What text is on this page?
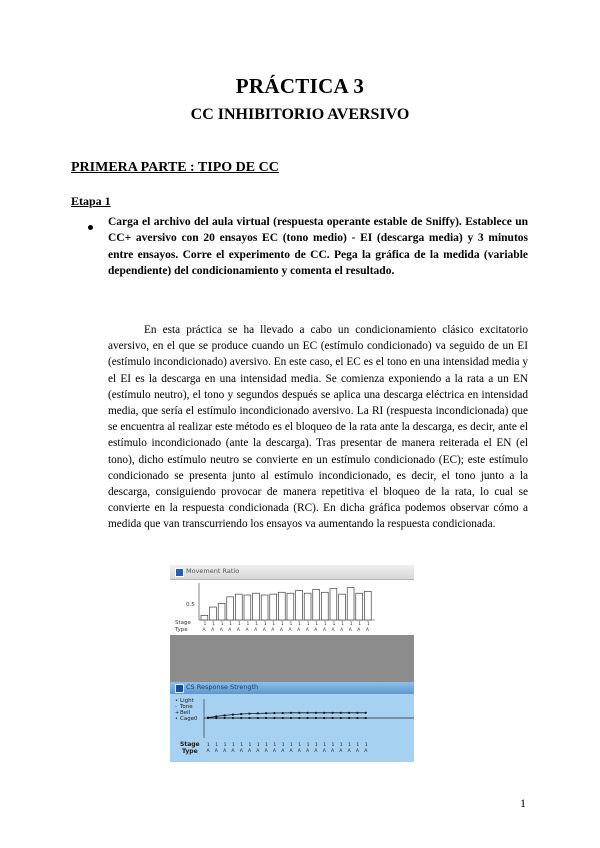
PRÁCTICA 3
CC INHIBITORIO AVERSIVO
PRIMERA PARTE : TIPO DE CC
Etapa 1
Carga el archivo del aula virtual (respuesta operante estable de Sniffy). Establece un CC+ aversivo con 20 ensayos EC (tono medio) - EI (descarga media) y 3 minutos entre ensayos. Corre el experimento de CC. Pega la gráfica de la medida (variable dependiente) del condicionamiento y comenta el resultado.
En esta práctica se ha llevado a cabo un condicionamiento clásico excitatorio aversivo, en el que se produce cuando un EC (estímulo condicionado) va seguido de un EI (estímulo incondicionado) aversivo. En este caso, el EC es el tono en una intensidad media y el EI es la descarga en una intensidad media. Se comienza exponiendo a la rata a un EN (estímulo neutro), el tono y segundos después se aplica una descarga eléctrica en intensidad media, que sería el estímulo incondicionado aversivo. La RI (respuesta incondicionada) que se encuentra al realizar este método es el bloqueo de la rata ante la descarga, es decir, ante el estímulo incondicionado (ante la descarga). Tras presentar de manera reiterada el EN (el tono), dicho estímulo neutro se convierte en un estímulo condicionado (EC); este estímulo condicionado se presenta junto al estímulo incondicionado, es decir, el tono junto a la descarga, consiguiendo provocar de manera repetitiva el bloqueo de la rata, lo cual se convierte en la respuesta condicionada (RC). En dicha gráfica podemos observar cómo a medida que van transcurriendo los ensayos va aumentando la respuesta condicionada.
Movement Ratio
0.5
Stage
Type
1
A
1
A
1
A
1
A
1
A
1
A
1
A
1
A
1
A
1
A
1
A
1
A
1
A
1
A
1
A
1
A
1
A
1
A
1
A
1
A
CS Response Strength
Light
Tone
Bell
Cage
•
-
+
•	0
Stage
Type
1
A
1
A
1
A
1
A
1
A
1
A
1
A
1
A
1
A
1
A
1
A
1
A
1
A
1
A
1
A
1
A
1
A
1
A
1
A
1
A
1
